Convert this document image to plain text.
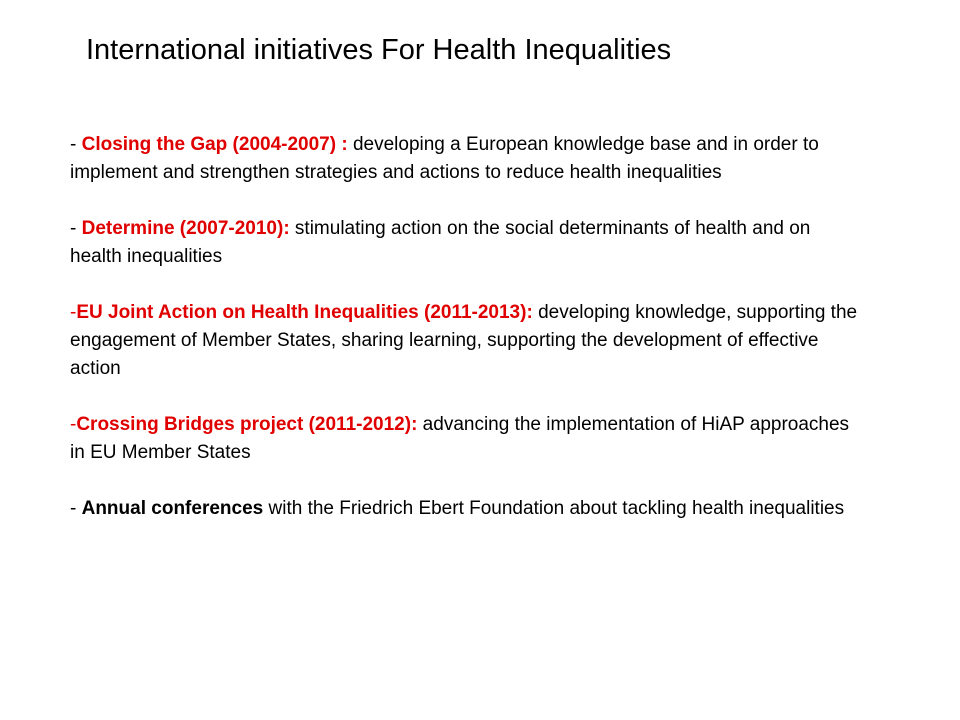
International initiatives For Health Inequalities
- Closing the Gap (2004-2007) : developing a European knowledge base and in order to implement and strengthen strategies and actions to reduce health inequalities
- Determine (2007-2010): stimulating action on the social determinants of health and on health inequalities
-EU Joint Action on Health Inequalities (2011-2013): developing knowledge, supporting the engagement of Member States, sharing learning, supporting the development of effective action
-Crossing Bridges project (2011-2012): advancing the implementation of HiAP approaches in EU Member States
- Annual conferences with the Friedrich Ebert Foundation about tackling health inequalities
